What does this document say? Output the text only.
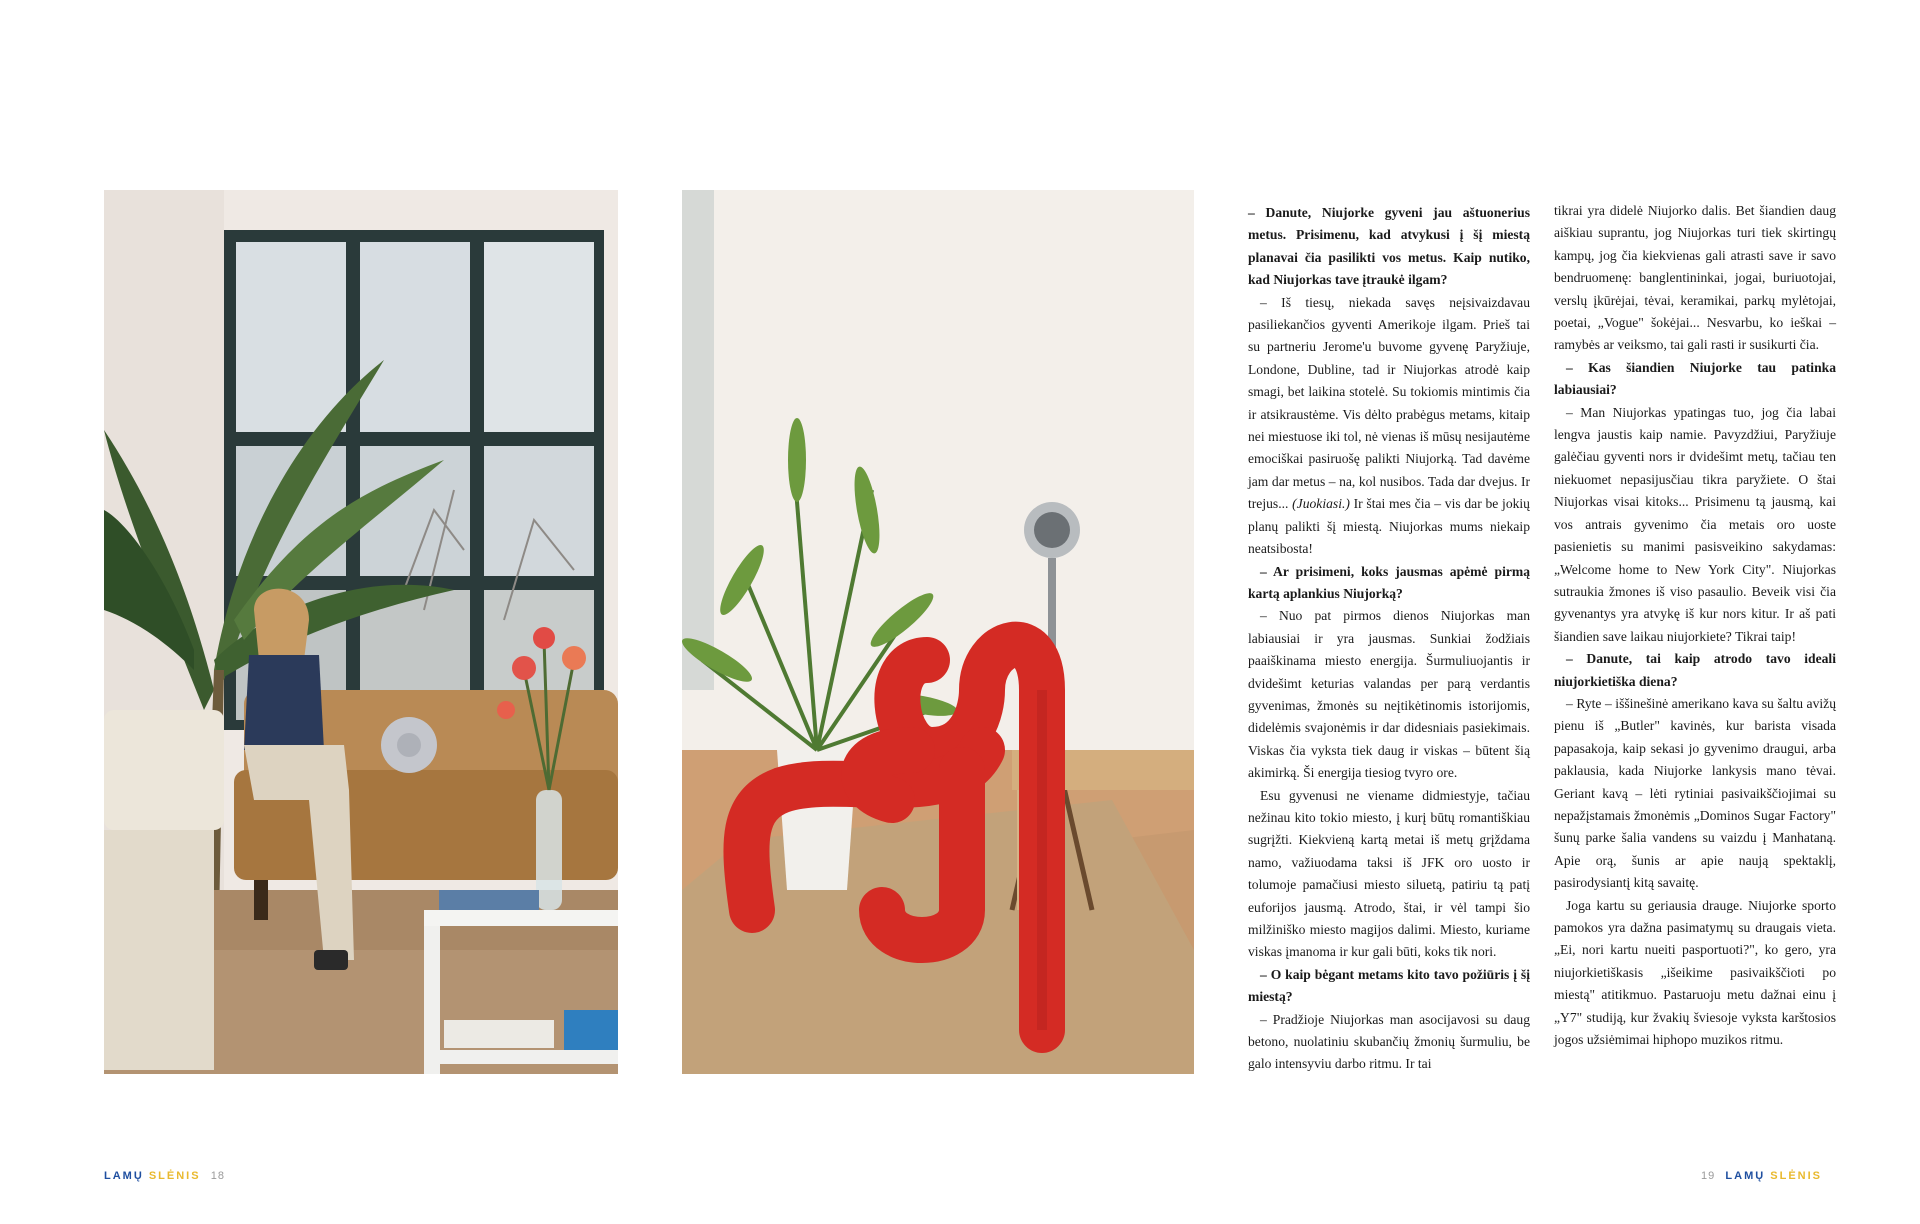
– Danute, Niujorke gyveni jau aštuonerius metus. Prisimenu, kad atvykusi į šį miestą planavai čia pasilikti vos metus. Kaip nutiko, kad Niujorkas tave įtraukė ilgam?

– Iš tiesų, niekada savęs neįsivaizdavau pasiliekančios gyventi Amerikoje ilgam. Prieš tai su partneriu Jerome'u buvome gyvenę Paryžiuje, Londone, Dubline, tad ir Niujorkas atrodė kaip smagi, bet laikina stotelė. Su tokiomis mintimis čia ir atsikraustėme. Vis dėlto prabėgus metams, kitaip nei miestuose iki tol, nė vienas iš mūsų nesijautėme emociškai pasiruošę palikti Niujorką. Tad davėme jam dar metus – na, kol nusibos. Tada dar dvejus. Ir trejus... (Juokiasi.) Ir štai mes čia – vis dar be jokių planų palikti šį miestą. Niujorkas mums niekaip neatsibosta!

– Ar prisimeni, koks jausmas apėmė pirmą kartą aplankius Niujorką?

– Nuo pat pirmos dienos Niujorkas man labiausiai ir yra jausmas. Sunkiai žodžiais paaiškinama miesto energija. Šurmuliuojantis ir dvidešimt keturias valandas per parą verdantis gyvenimas, žmonės su neįtikėtinomis istorijomis, didelėmis svajonėmis ir dar didesniais pasiekimais. Viskas čia vyksta tiek daug ir viskas – būtent šią akimirką. Ši energija tiesiog tvyro ore.

Esu gyvenusi ne viename didmiestyje, tačiau nežinau kito tokio miesto, į kurį būtų romantiškiau sugrįžti. Kiekvieną kartą metai iš metų grįždama namo, važiuodama taksi iš JFK oro uosto ir tolumoje pamačiusi miesto siluetą, patiriu tą patį euforijos jausmą. Atrodo, štai, ir vėl tampi šio milžiniško miesto magijos dalimi. Miesto, kuriame viskas įmanoma ir kur gali būti, koks tik nori.

– O kaip bėgant metams kito tavo požiūris į šį miestą?

– Pradžioje Niujorkas man asocijavosi su daug betono, nuolatiniu skubančių žmonių šurmuliu, be galo intensyviu darbo ritmu. Ir tai

tikrai yra didelė Niujorko dalis. Bet šiandien daug aiškiau suprantu, jog Niujorkas turi tiek skirtingų kampų, jog čia kiekvienas gali atrasti save ir savo bendruomenę: banglentininkai, jogai, buriuotojai, verslų įkūrėjai, tėvai, keramikai, parkų mylėtojai, poetai, „Vogue" šokėjai... Nesvarbu, ko ieškai – ramybės ar veiksmo, tai gali rasti ir susikurti čia.

– Kas šiandien Niujorke tau patinka labiausiai?

– Man Niujorkas ypatingas tuo, jog čia labai lengva jaustis kaip namie. Pavyzdžiui, Paryžiuje galėčiau gyventi nors ir dvidešimt metų, tačiau ten niekuomet nepasijusčiau tikra paryžiete. O štai Niujorkas visai kitoks... Prisimenu tą jausmą, kai vos antrais gyvenimo čia metais oro uoste pasienietis su manimi pasisveikino sakydamas: „Welcome home to New York City". Niujorkas sutraukia žmones iš viso pasaulio. Beveik visi čia gyvenantys yra atvykę iš kur nors kitur. Ir aš pati šiandien save laikau niujorkiete? Tikrai taip!

– Danute, tai kaip atrodo tavo ideali niujorkietiška diena?

– Ryte – iššinešinė amerikano kava su šaltu avižų pienu iš „Butler" kavinės, kur barista visada papasakoja, kaip sekasi jo gyvenimo draugui, arba paklausia, kada Niujorke lankysis mano tėvai. Geriant kavą – lėti rytiniai pasivaikščiojimai su nepažįstamais žmonėmis „Dominos Sugar Factory" šunų parke šalia vandens su vaizdu į Manhataną. Apie orą, šunis ar apie naują spektaklį, pasirodysiantį kitą savaitę.

Joga kartu su geriausia drauge. Niujorke sporto pamokos yra dažna pasimatymų su draugais vieta. „Ei, nori kartu nueiti pasportuoti?", ko gero, yra niujorkietiškasis „išeikime pasivaikščioti po miestą" atitikmuo. Pastaruoju metu dažnai einu į „Y7" studiją, kur žvakių šviesoje vyksta karštosios jogos užsiėmimai hiphopo muzikos ritmu.

LAMŲ SLĖNIS 18	19 LAMŲ SLĖNIS
